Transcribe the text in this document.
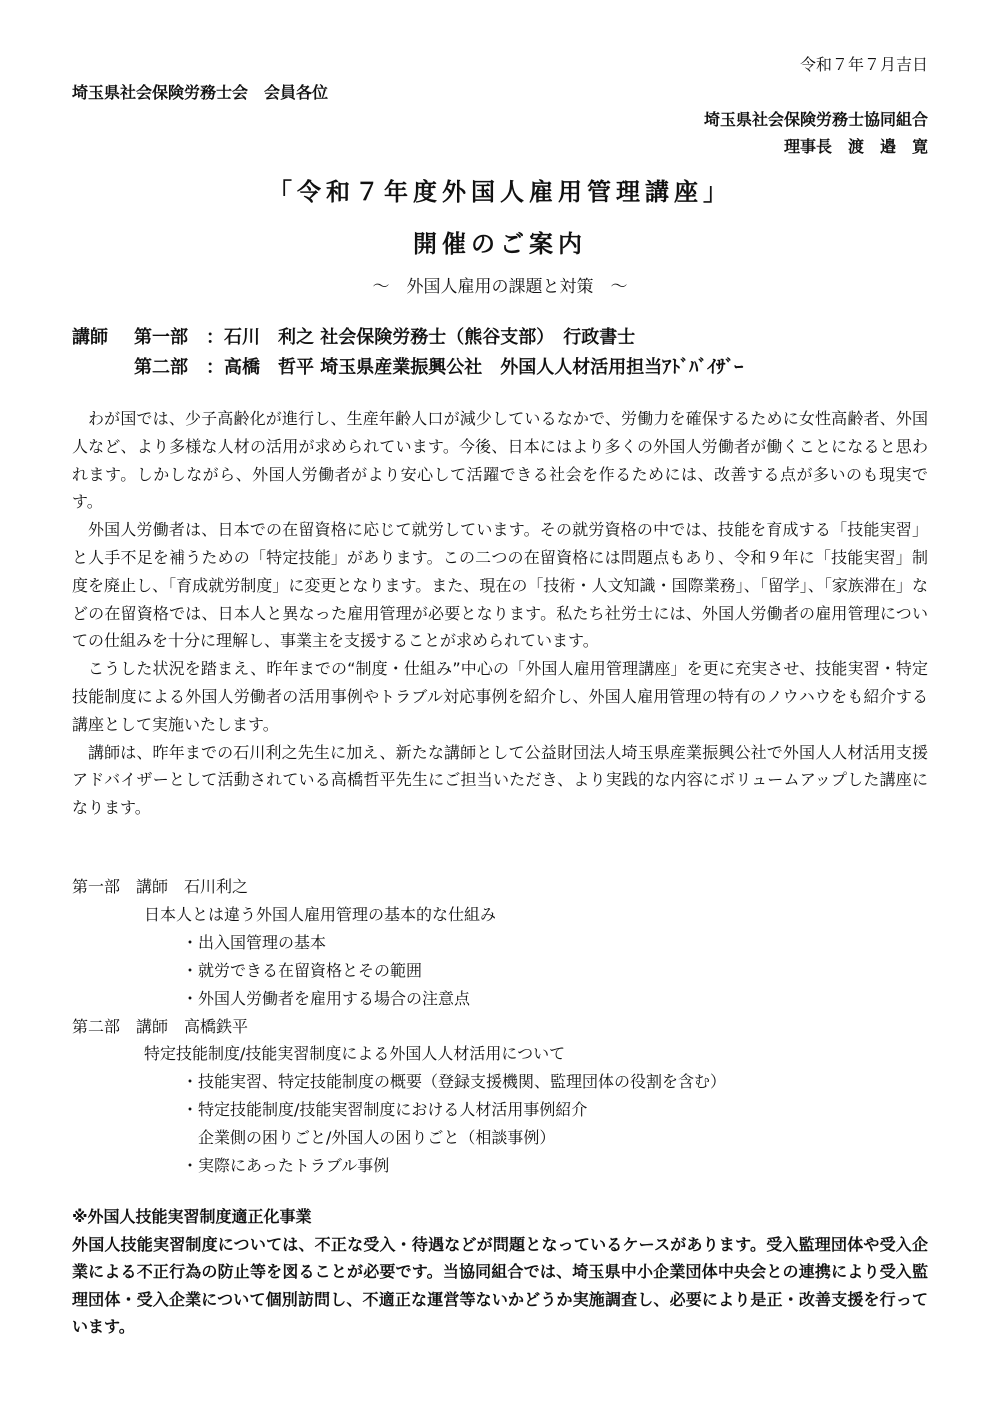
令和７年７月吉日
埼玉県社会保険労務士会　会員各位
埼玉県社会保険労務士協同組合
理事長　渡　邉　寛
「令和７年度外国人雇用管理講座」
開催のご案内
～　外国人雇用の課題と対策　～
講師 第一部　：石川　利之 社会保険労務士（熊谷支部）　行政書士
第二部　：高橋　哲平 埼玉県産業振興公社　外国人人材活用担当ｱﾄﾞﾊﾞｲｻﾞｰ

わが国では、少子高齢化が進行し、生産年齢人口が減少しているなかで、労働力を確保するために女性高齢者、外国人など、より多様な人材の活用が求められています。今後、日本にはより多くの外国人労働者が働くことになると思われます。しかしながら、外国人労働者がより安心して活躍できる社会を作るためには、改善する点が多いのも現実です。

外国人労働者は、日本での在留資格に応じて就労しています。その就労資格の中では、技能を育成する「技能実習」と人手不足を補うための「特定技能」があります。この二つの在留資格には問題点もあり、令和９年に「技能実習」制度を廃止し、「育成就労制度」に変更となります。また、現在の「技術・人文知識・国際業務」、「留学」、「家族滞在」などの在留資格では、日本人と異なった雇用管理が必要となります。私たち社労士には、外国人労働者の雇用管理についての仕組みを十分に理解し、事業主を支援することが求められています。

こうした状況を踏まえ、昨年までの“制度・仕組み”中心の「外国人雇用管理講座」を更に充実させ、技能実習・特定技能制度による外国人労働者の活用事例やトラブル対応事例を紹介し、外国人雇用管理の特有のノウハウをも紹介する講座として実施いたします。

講師は、昨年までの石川利之先生に加え、新たな講師として公益財団法人埼玉県産業振興公社で外国人人材活用支援アドバイザーとして活動されている高橋哲平先生にご担当いただき、より実践的な内容にボリュームアップした講座になります。

第一部　講師　石川利之
日本人とは違う外国人雇用管理の基本的な仕組み
・出入国管理の基本
・就労できる在留資格とその範囲
・外国人労働者を雇用する場合の注意点
第二部　講師　高橋鉄平
特定技能制度/技能実習制度による外国人人材活用について
・技能実習、特定技能制度の概要（登録支援機関、監理団体の役割を含む）
・特定技能制度/技能実習制度における人材活用事例紹介
企業側の困りごと/外国人の困りごと（相談事例）
・実際にあったトラブル事例
※外国人技能実習制度適正化事業

外国人技能実習制度については、不正な受入・待遇などが問題となっているケースがあります。受入監理団体や受入企業による不正行為の防止等を図ることが必要です。当協同組合では、埼玉県中小企業団体中央会との連携により受入監理団体・受入企業について個別訪問し、不適正な運営等ないかどうか実施調査し、必要により是正・改善支援を行っています。
